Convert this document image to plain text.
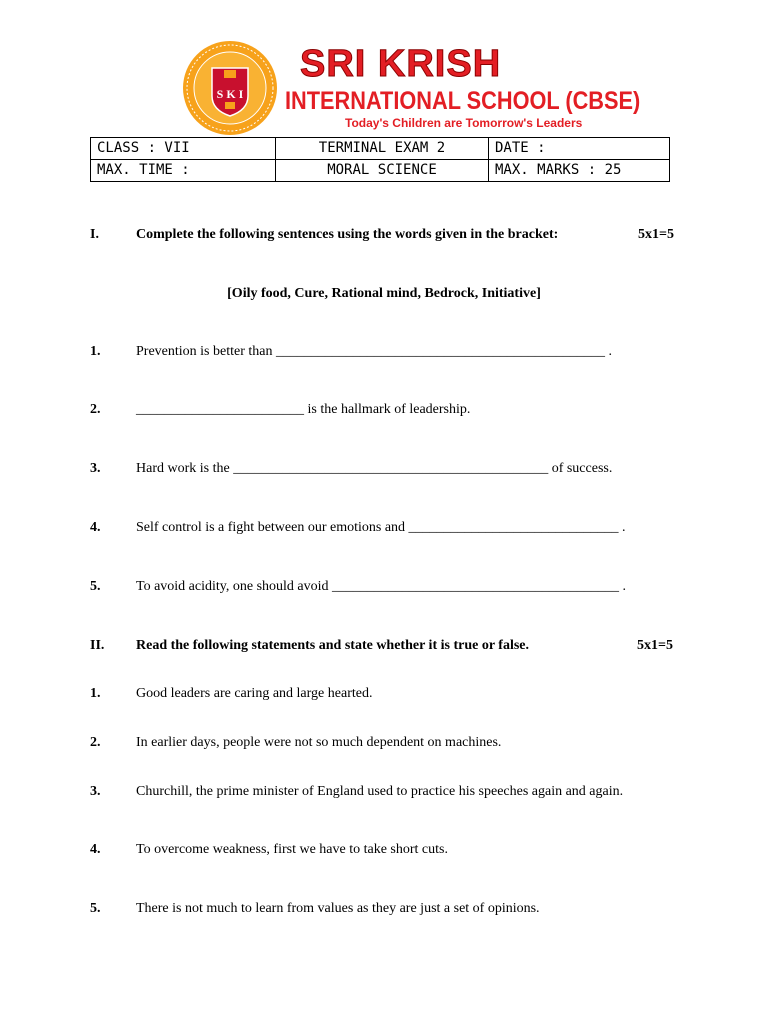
S K I
SRI KRISH
INTERNATIONAL SCHOOL (CBSE)
Today's Children are Tomorrow's Leaders
CLASS : VII	TERMINAL EXAM 2	DATE :
MAX. TIME :	MORAL SCIENCE	MAX. MARKS : 25
I.	Complete the following sentences using the words given in the bracket:	5x1=5
[Oily food, Cure, Rational mind, Bedrock, Initiative]
1.	Prevention is better than _______________________________________________ .
2.	________________________ is the hallmark of leadership.
3.	Hard work is the _____________________________________________ of success.
4.	Self control is a fight between our emotions and ______________________________ .
5.	To avoid acidity, one should avoid _________________________________________ .
II. Read the following statements and state whether it is true or false.	5x1=5
1.	Good leaders are caring and large hearted.
2.	In earlier days, people were not so much dependent on machines.
3.	Churchill, the prime minister of England used to practice his speeches again and again.
4.	To overcome weakness, first we have to take short cuts.
5.	There is not much to learn from values as they are just a set of opinions.
